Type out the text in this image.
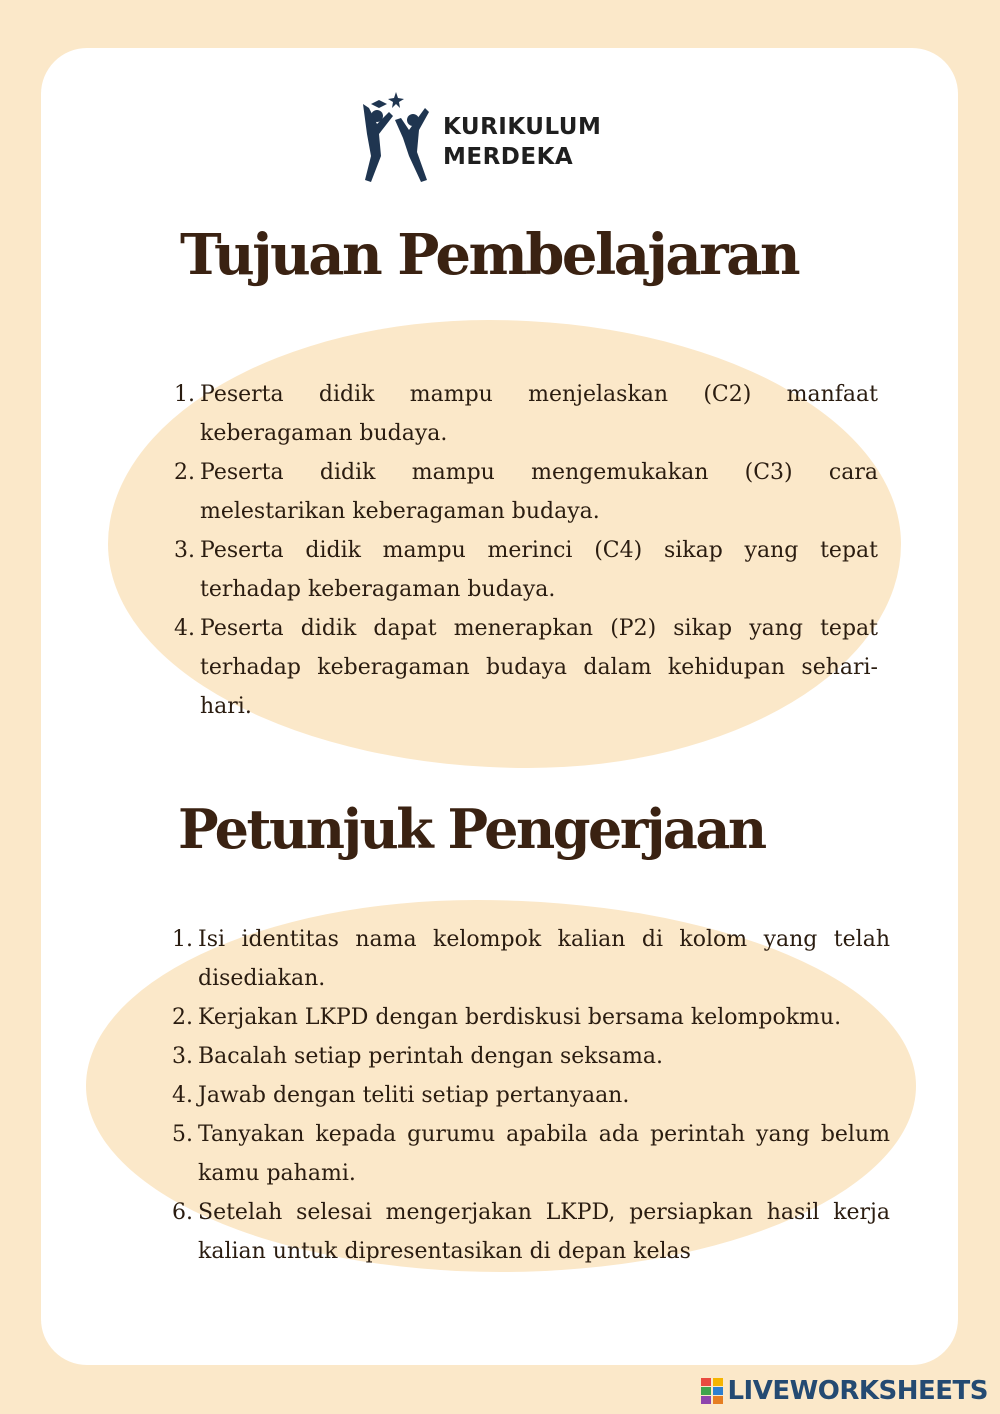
KURIKULUM
MERDEKA
Tujuan Pembelajaran
1. Peserta didik mampu menjelaskan (C2) manfaat keberagaman budaya.
2. Peserta didik mampu mengemukakan (C3) cara melestarikan keberagaman budaya.
3. Peserta didik mampu merinci (C4) sikap yang tepat terhadap keberagaman budaya.
4. Peserta didik dapat menerapkan (P2) sikap yang tepat terhadap keberagaman budaya dalam kehidupan sehari-hari.
Petunjuk Pengerjaan
1. Isi identitas nama kelompok kalian di kolom yang telah disediakan.
2. Kerjakan LKPD dengan berdiskusi bersama kelompokmu.
3. Bacalah setiap perintah dengan seksama.
4. Jawab dengan teliti setiap pertanyaan.
5. Tanyakan kepada gurumu apabila ada perintah yang belum kamu pahami.
6. Setelah selesai mengerjakan LKPD, persiapkan hasil kerja kalian untuk dipresentasikan di depan kelas
LIVEWORKSHEETS
